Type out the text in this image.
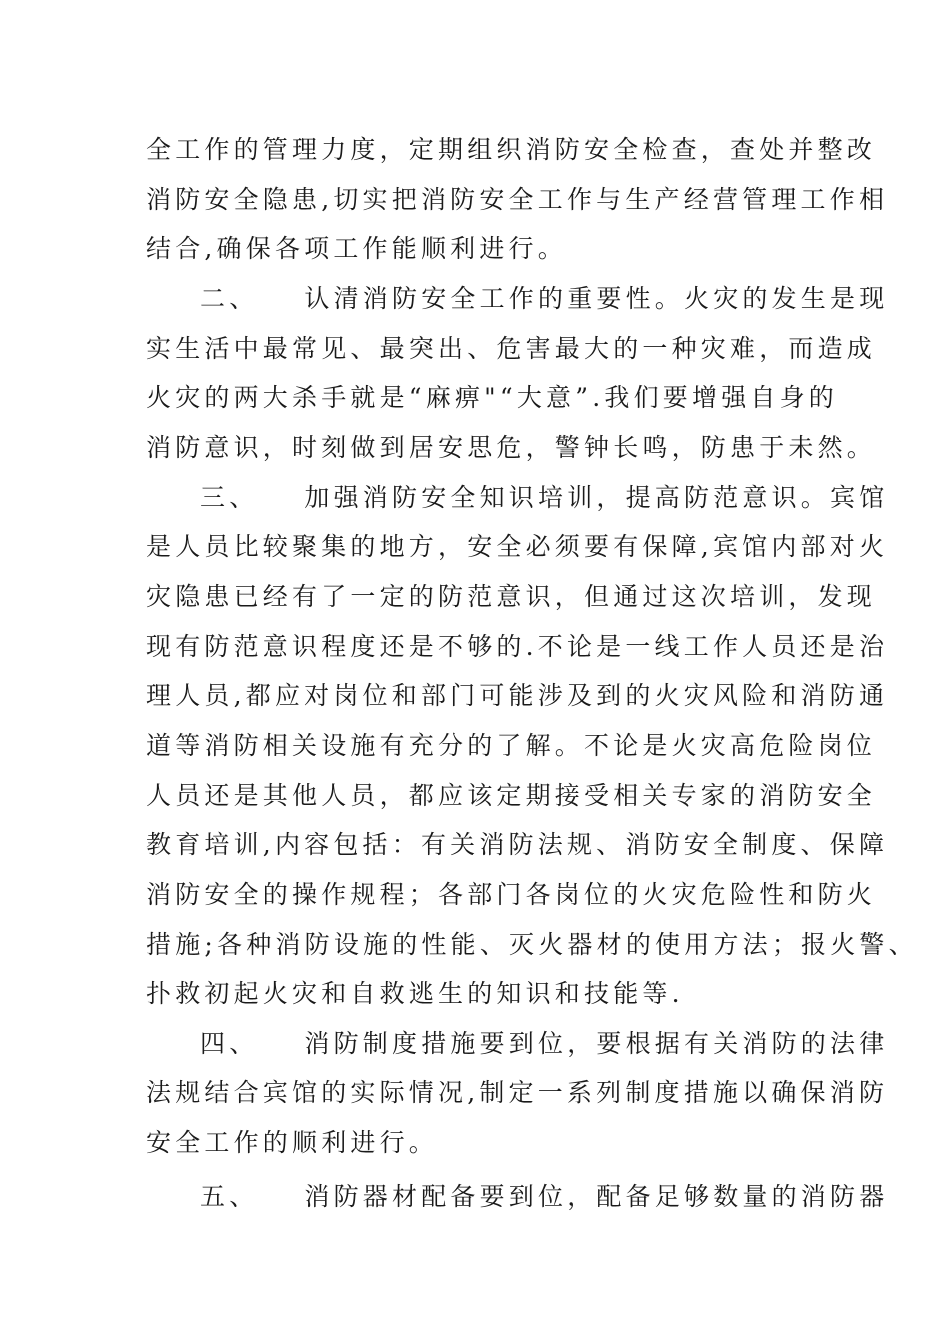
全工作的管理力度，定期组织消防安全检查，查处并整改
消防安全隐患,切实把消防安全工作与生产经营管理工作相
结合,确保各项工作能顺利进行。
二、 认清消防安全工作的重要性。火灾的发生是现
实生活中最常见、最突出、危害最大的一种灾难，而造成
火灾的两大杀手就是“麻痹"“大意”.我们要增强自身的
消防意识，时刻做到居安思危，警钟长鸣，防患于未然。
三、 加强消防安全知识培训，提高防范意识。宾馆
是人员比较聚集的地方，安全必须要有保障,宾馆内部对火
灾隐患已经有了一定的防范意识，但通过这次培训，发现
现有防范意识程度还是不够的.不论是一线工作人员还是治
理人员,都应对岗位和部门可能涉及到的火灾风险和消防通
道等消防相关设施有充分的了解。不论是火灾高危险岗位
人员还是其他人员，都应该定期接受相关专家的消防安全
教育培训,内容包括：有关消防法规、消防安全制度、保障
消防安全的操作规程；各部门各岗位的火灾危险性和防火
措施;各种消防设施的性能、灭火器材的使用方法；报火警、
扑救初起火灾和自救逃生的知识和技能等.
四、 消防制度措施要到位，要根据有关消防的法律
法规结合宾馆的实际情况,制定一系列制度措施以确保消防
安全工作的顺利进行。
五、 消防器材配备要到位，配备足够数量的消防器
